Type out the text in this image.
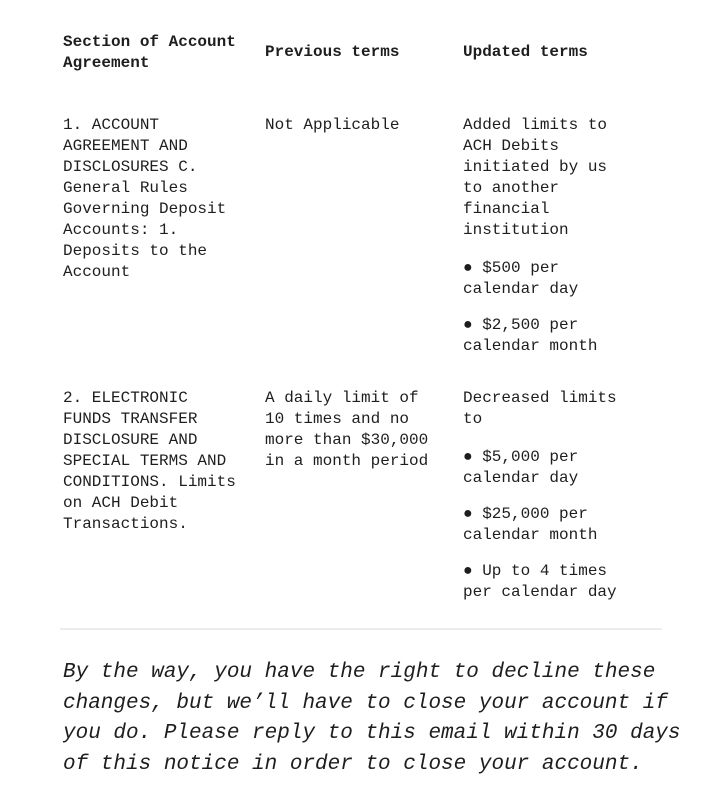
Section of Account Agreement
Previous terms	Updated terms

1. ACCOUNT AGREEMENT AND DISCLOSURES C. General Rules Governing Deposit Accounts: 1. Deposits to the Account

Not Applicable	Added limits to ACH Debits initiated by us to another financial institution

● $500 per calendar day

● $2,500 per calendar month

2. ELECTRONIC FUNDS TRANSFER DISCLOSURE AND SPECIAL TERMS AND CONDITIONS. Limits on ACH Debit Transactions.

A daily limit of 10 times and no more than $30,000 in a month period

Decreased limits to

● $5,000 per calendar day

● $25,000 per calendar month

● Up to 4 times per calendar day

By the way, you have the right to decline these changes, but we’ll have to close your account if you do. Please reply to this email within 30 days of this notice in order to close your account.
